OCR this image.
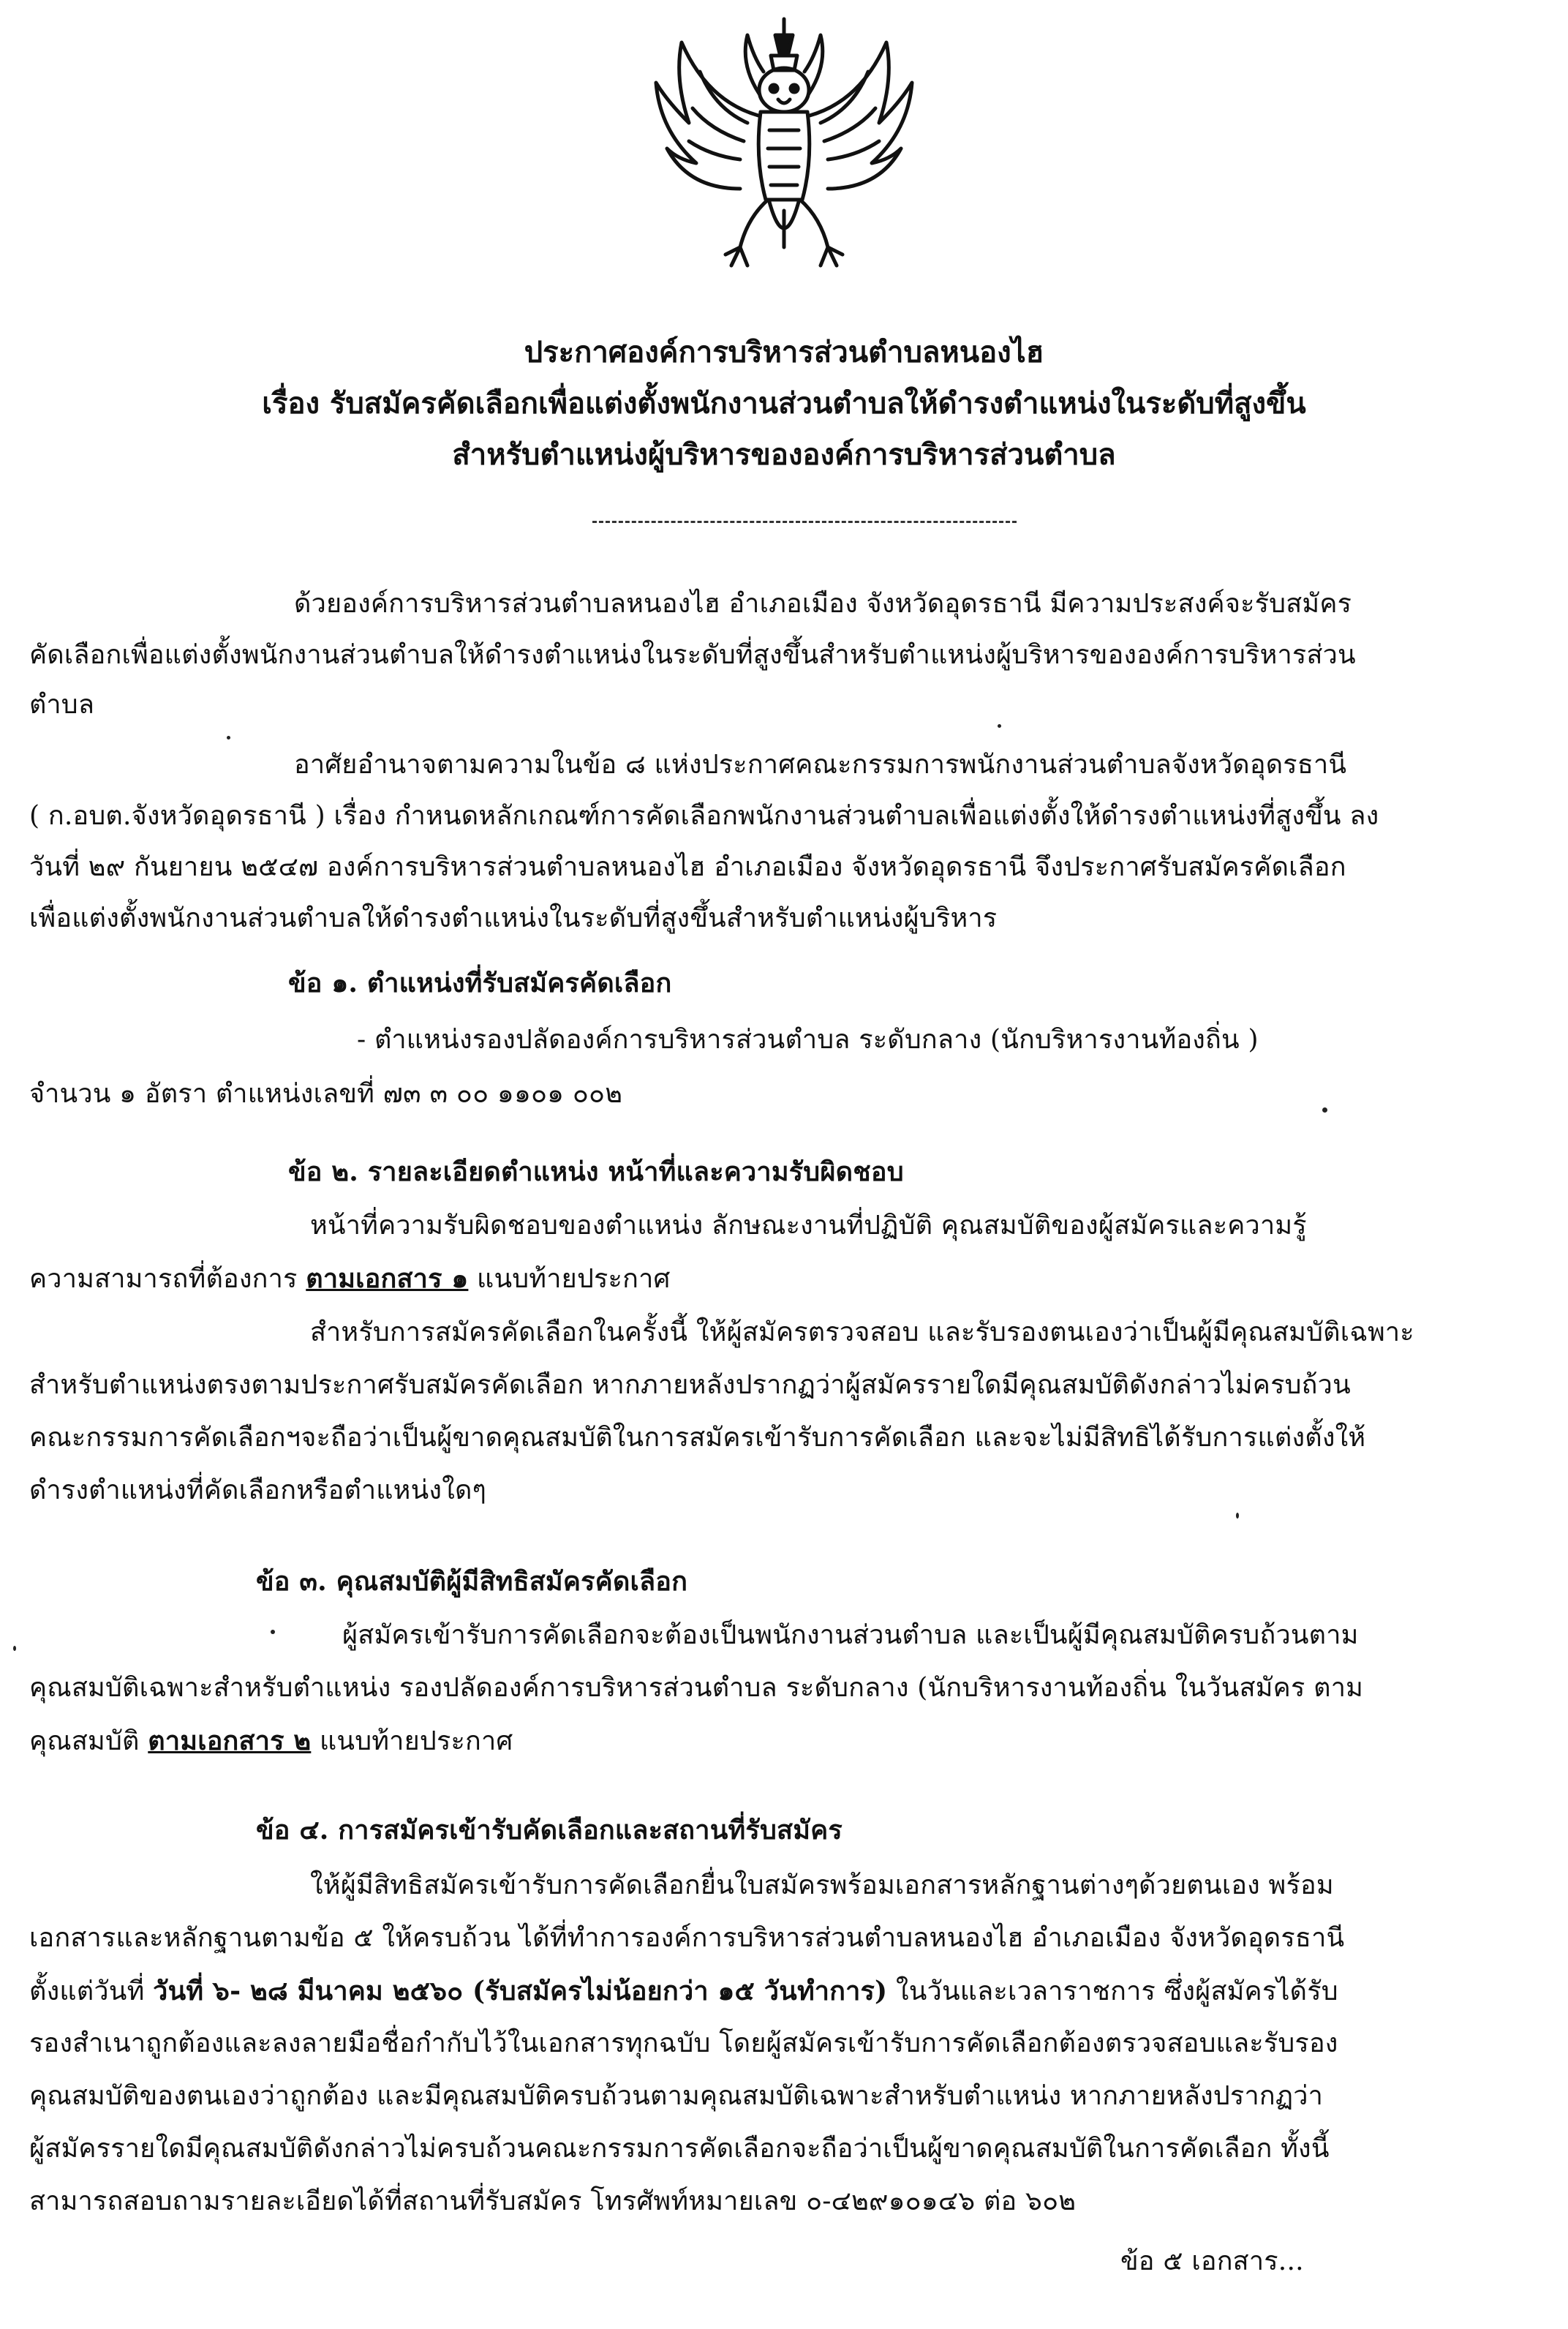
ประกาศองค์การบริหารส่วนตำบลหนองไฮ
เรื่อง รับสมัครคัดเลือกเพื่อแต่งตั้งพนักงานส่วนตำบลให้ดำรงตำแหน่งในระดับที่สูงขึ้น
สำหรับตำแหน่งผู้บริหารขององค์การบริหารส่วนตำบล
ด้วยองค์การบริหารส่วนตำบลหนองไฮ อำเภอเมือง จังหวัดอุดรธานี มีความประสงค์จะรับสมัคร
คัดเลือกเพื่อแต่งตั้งพนักงานส่วนตำบลให้ดำรงตำแหน่งในระดับที่สูงขึ้นสำหรับตำแหน่งผู้บริหารขององค์การบริหารส่วน
ตำบล
อาศัยอำนาจตามความในข้อ ๘ แห่งประกาศคณะกรรมการพนักงานส่วนตำบลจังหวัดอุดรธานี
( ก.อบต.จังหวัดอุดรธานี ) เรื่อง กำหนดหลักเกณฑ์การคัดเลือกพนักงานส่วนตำบลเพื่อแต่งตั้งให้ดำรงตำแหน่งที่สูงขึ้น ลง
วันที่ ๒๙ กันยายน ๒๕๔๗ องค์การบริหารส่วนตำบลหนองไฮ อำเภอเมือง จังหวัดอุดรธานี จึงประกาศรับสมัครคัดเลือก
เพื่อแต่งตั้งพนักงานส่วนตำบลให้ดำรงตำแหน่งในระดับที่สูงขึ้นสำหรับตำแหน่งผู้บริหาร
ข้อ ๑. ตำแหน่งที่รับสมัครคัดเลือก
- ตำแหน่งรองปลัดองค์การบริหารส่วนตำบล ระดับกลาง (นักบริหารงานท้องถิ่น )
จำนวน ๑ อัตรา ตำแหน่งเลขที่ ๗๓ ๓ ๐๐ ๑๑๐๑ ๐๐๒
ข้อ ๒. รายละเอียดตำแหน่ง หน้าที่และความรับผิดชอบ
หน้าที่ความรับผิดชอบของตำแหน่ง ลักษณะงานที่ปฏิบัติ คุณสมบัติของผู้สมัครและความรู้
ความสามารถที่ต้องการ ตามเอกสาร ๑ แนบท้ายประกาศ
สำหรับการสมัครคัดเลือกในครั้งนี้ ให้ผู้สมัครตรวจสอบ และรับรองตนเองว่าเป็นผู้มีคุณสมบัติเฉพาะ
สำหรับตำแหน่งตรงตามประกาศรับสมัครคัดเลือก หากภายหลังปรากฏว่าผู้สมัครรายใดมีคุณสมบัติดังกล่าวไม่ครบถ้วน
คณะกรรมการคัดเลือกฯจะถือว่าเป็นผู้ขาดคุณสมบัติในการสมัครเข้ารับการคัดเลือก และจะไม่มีสิทธิได้รับการแต่งตั้งให้
ดำรงตำแหน่งที่คัดเลือกหรือตำแหน่งใดๆ
ข้อ ๓. คุณสมบัติผู้มีสิทธิสมัครคัดเลือก
ผู้สมัครเข้ารับการคัดเลือกจะต้องเป็นพนักงานส่วนตำบล และเป็นผู้มีคุณสมบัติครบถ้วนตาม
คุณสมบัติเฉพาะสำหรับตำแหน่ง รองปลัดองค์การบริหารส่วนตำบล ระดับกลาง (นักบริหารงานท้องถิ่น ในวันสมัคร ตาม
คุณสมบัติ ตามเอกสาร ๒ แนบท้ายประกาศ
ข้อ ๔. การสมัครเข้ารับคัดเลือกและสถานที่รับสมัคร
ให้ผู้มีสิทธิสมัครเข้ารับการคัดเลือกยื่นใบสมัครพร้อมเอกสารหลักฐานต่างๆด้วยตนเอง พร้อม
เอกสารและหลักฐานตามข้อ ๕ ให้ครบถ้วน ได้ที่ทำการองค์การบริหารส่วนตำบลหนองไฮ อำเภอเมือง จังหวัดอุดรธานี
ตั้งแต่วันที่ วันที่ ๖- ๒๘ มีนาคม ๒๕๖๐ (รับสมัครไม่น้อยกว่า ๑๕ วันทำการ) ในวันและเวลาราชการ ซึ่งผู้สมัครได้รับ
รองสำเนาถูกต้องและลงลายมือชื่อกำกับไว้ในเอกสารทุกฉบับ โดยผู้สมัครเข้ารับการคัดเลือกต้องตรวจสอบและรับรอง
คุณสมบัติของตนเองว่าถูกต้อง และมีคุณสมบัติครบถ้วนตามคุณสมบัติเฉพาะสำหรับตำแหน่ง หากภายหลังปรากฏว่า
ผู้สมัครรายใดมีคุณสมบัติดังกล่าวไม่ครบถ้วนคณะกรรมการคัดเลือกจะถือว่าเป็นผู้ขาดคุณสมบัติในการคัดเลือก ทั้งนี้
สามารถสอบถามรายละเอียดได้ที่สถานที่รับสมัคร โทรศัพท์หมายเลข ๐-๔๒๙๑๐๑๔๖ ต่อ ๖๐๒
ข้อ ๕ เอกสาร...
